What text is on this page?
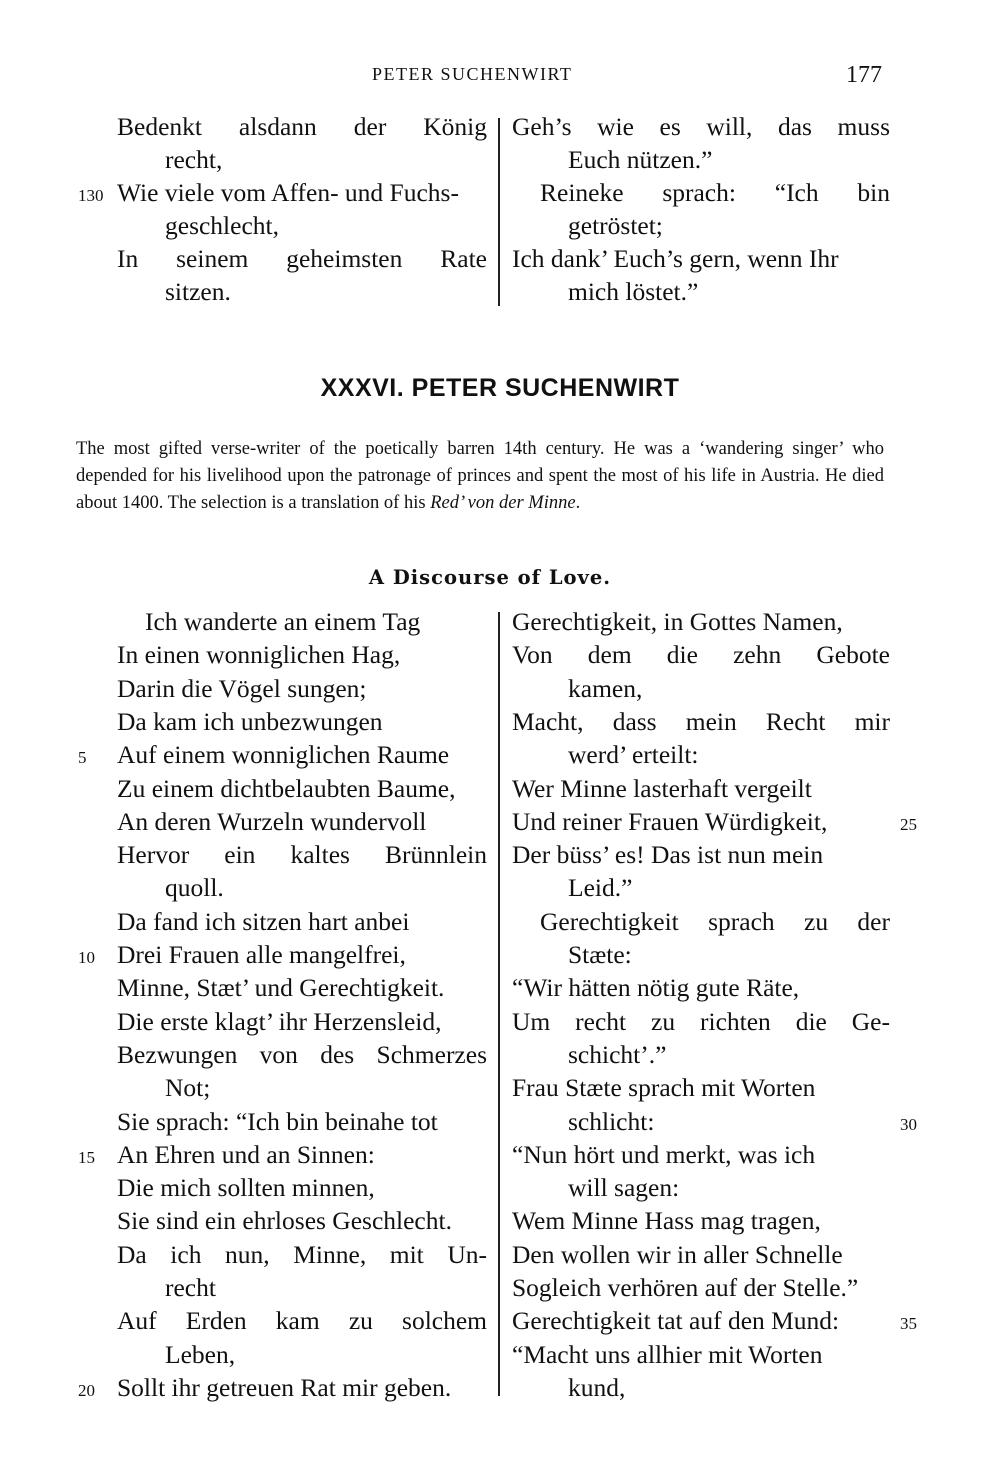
PETER SUCHENWIRT	177
Bedenkt alsdann der König
recht,
Wie viele vom Affen- und Fuchs-
130
geschlecht,
In seinem geheimsten Rate
sitzen.
Geh’s wie es will, das muss
Euch nützen.”
Reineke sprach: “Ich bin
getröstet;
Ich dank’ Euch’s gern, wenn Ihr
mich löstet.”
XXXVI. PETER SUCHENWIRT

The most gifted verse-writer of the poetically barren 14th century. He was a ‘wandering singer’ who depended for his livelihood upon the patronage of princes and spent the most of his life in Austria. He died about 1400. The selection is a translation of his Red’ von der Minne.

A Discourse of Love.
Ich wanderte an einem Tag
In einen wonniglichen Hag,
Darin die Vögel sungen;
Da kam ich unbezwungen
Auf einem wonniglichen Raume
5
Zu einem dichtbelaubten Baume,
An deren Wurzeln wundervoll
Hervor ein kaltes Brünnlein
quoll.
Da fand ich sitzen hart anbei
Drei Frauen alle mangelfrei,
10
Minne, Stæt’ und Gerechtigkeit.
Die erste klagt’ ihr Herzensleid,
Bezwungen von des Schmerzes
Not;
Sie sprach: “Ich bin beinahe tot
An Ehren und an Sinnen:
15
Die mich sollten minnen,
Sie sind ein ehrloses Geschlecht.
Da ich nun, Minne, mit Un-
recht
Auf Erden kam zu solchem
Leben,
Sollt ihr getreuen Rat mir geben.
20
Gerechtigkeit, in Gottes Namen,
Von dem die zehn Gebote
kamen,
Macht, dass mein Recht mir
werd’ erteilt:
Wer Minne lasterhaft vergeilt
Und reiner Frauen Würdigkeit,	25
Der büss’ es! Das ist nun mein
Leid.”
Gerechtigkeit sprach zu der
Stæte:
“Wir hätten nötig gute Räte,
Um recht zu richten die Ge-
schicht’.”
Frau Stæte sprach mit Worten
schlicht:	30
“Nun hört und merkt, was ich
will sagen:
Wem Minne Hass mag tragen,
Den wollen wir in aller Schnelle
Sogleich verhören auf der Stelle.”
Gerechtigkeit tat auf den Mund:	35
“Macht uns allhier mit Worten
kund,
